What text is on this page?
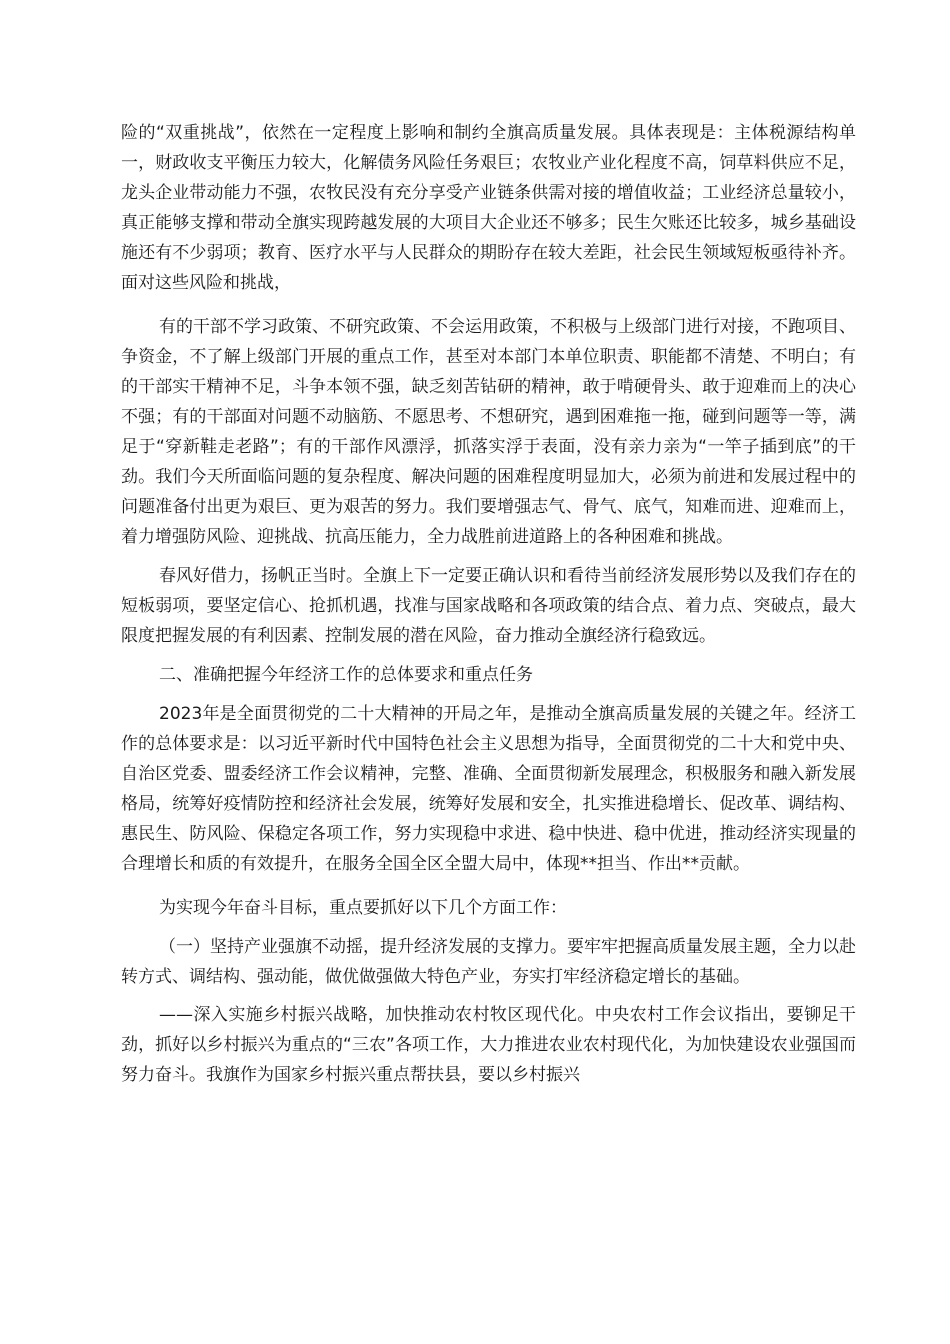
险的“双重挑战”，依然在一定程度上影响和制约全旗高质量发展。具体表现是：主体税源结构单一，财政收支平衡压力较大，化解债务风险任务艰巨；农牧业产业化程度不高，饲草料供应不足，龙头企业带动能力不强，农牧民没有充分享受产业链条供需对接的增值收益；工业经济总量较小，真正能够支撑和带动全旗实现跨越发展的大项目大企业还不够多；民生欠账还比较多，城乡基础设施还有不少弱项；教育、医疗水平与人民群众的期盼存在较大差距，社会民生领域短板亟待补齐。面对这些风险和挑战，

有的干部不学习政策、不研究政策、不会运用政策，不积极与上级部门进行对接，不跑项目、争资金，不了解上级部门开展的重点工作，甚至对本部门本单位职责、职能都不清楚、不明白；有的干部实干精神不足，斗争本领不强，缺乏刻苦钻研的精神，敢于啃硬骨头、敢于迎难而上的决心不强；有的干部面对问题不动脑筋、不愿思考、不想研究，遇到困难拖一拖，碰到问题等一等，满足于“穿新鞋走老路”；有的干部作风漂浮，抓落实浮于表面，没有亲力亲为“一竿子插到底”的干劲。我们今天所面临问题的复杂程度、解决问题的困难程度明显加大，必须为前进和发展过程中的问题准备付出更为艰巨、更为艰苦的努力。我们要增强志气、骨气、底气，知难而进、迎难而上，着力增强防风险、迎挑战、抗高压能力，全力战胜前进道路上的各种困难和挑战。

春风好借力，扬帆正当时。全旗上下一定要正确认识和看待当前经济发展形势以及我们存在的短板弱项，要坚定信心、抢抓机遇，找准与国家战略和各项政策的结合点、着力点、突破点，最大限度把握发展的有利因素、控制发展的潜在风险，奋力推动全旗经济行稳致远。

二、准确把握今年经济工作的总体要求和重点任务

2023年是全面贯彻党的二十大精神的开局之年，是推动全旗高质量发展的关键之年。经济工作的总体要求是：以习近平新时代中国特色社会主义思想为指导，全面贯彻党的二十大和党中央、自治区党委、盟委经济工作会议精神，完整、准确、全面贯彻新发展理念，积极服务和融入新发展格局，统筹好疫情防控和经济社会发展，统筹好发展和安全，扎实推进稳增长、促改革、调结构、惠民生、防风险、保稳定各项工作，努力实现稳中求进、稳中快进、稳中优进，推动经济实现量的合理增长和质的有效提升，在服务全国全区全盟大局中，体现**担当、作出**贡献。

为实现今年奋斗目标，重点要抓好以下几个方面工作：

（一）坚持产业强旗不动摇，提升经济发展的支撑力。要牢牢把握高质量发展主题，全力以赴转方式、调结构、强动能，做优做强做大特色产业，夯实打牢经济稳定增长的基础。

——深入实施乡村振兴战略，加快推动农村牧区现代化。中央农村工作会议指出，要铆足干劲，抓好以乡村振兴为重点的“三农”各项工作，大力推进农业农村现代化，为加快建设农业强国而努力奋斗。我旗作为国家乡村振兴重点帮扶县，要以乡村振兴
